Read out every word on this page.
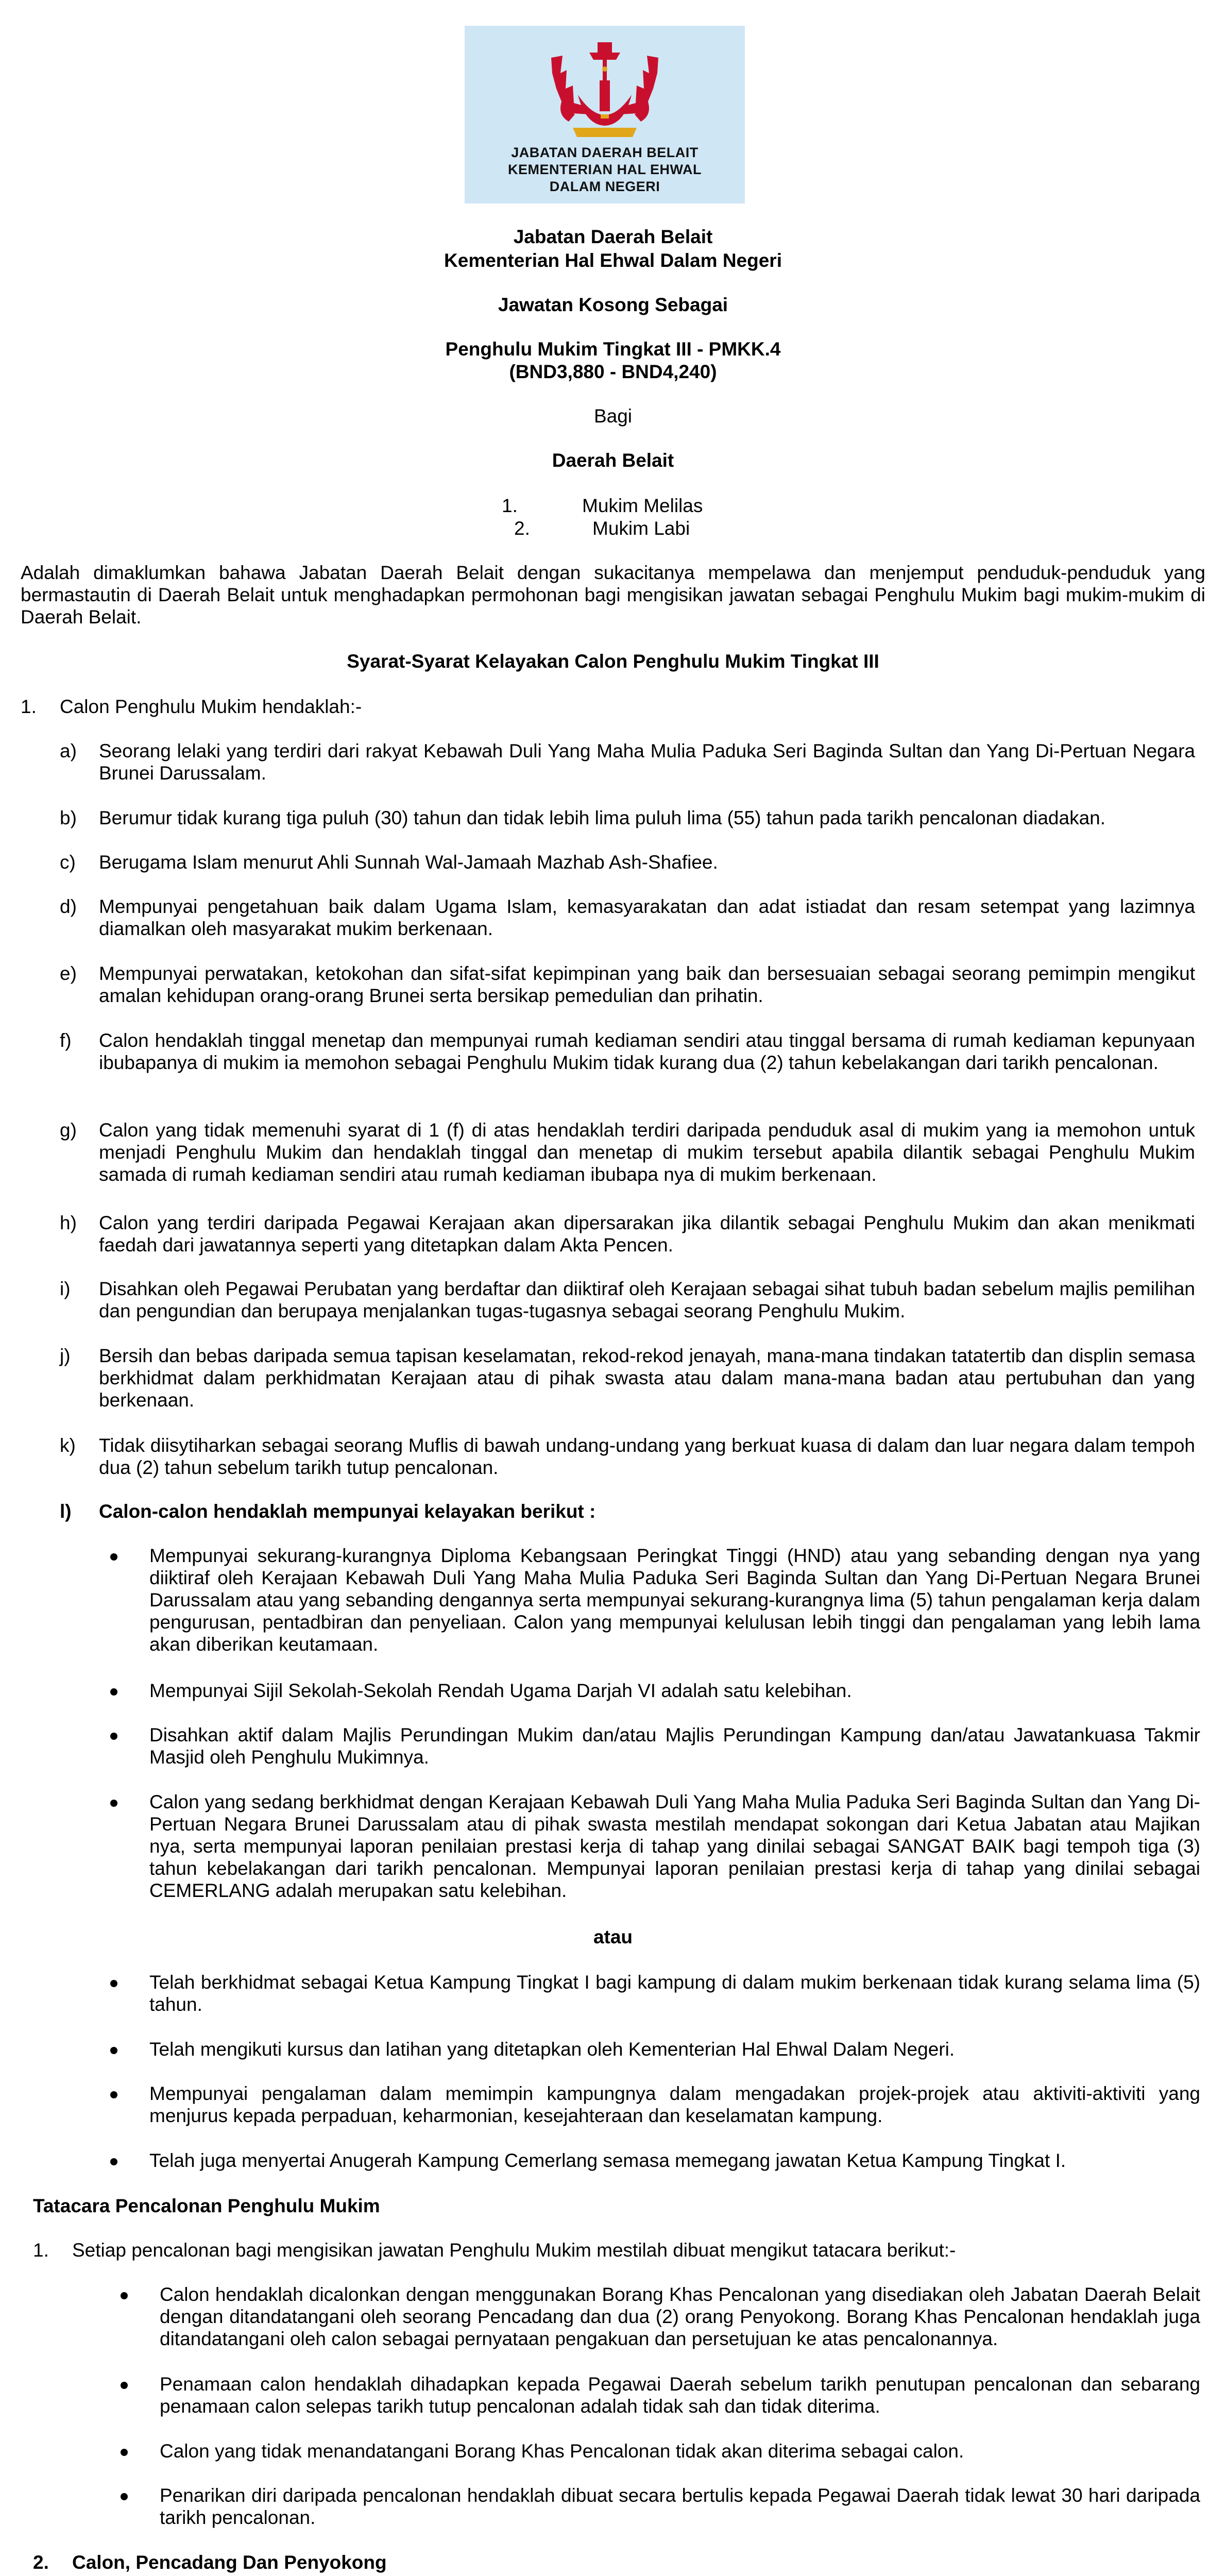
JABATAN DAERAH BELAIT
KEMENTERIAN HAL EHWAL
DALAM NEGERI
Jabatan Daerah Belait
Kementerian Hal Ehwal Dalam Negeri
Jawatan Kosong Sebagai
Penghulu Mukim Tingkat III - PMKK.4
(BND3,880 - BND4,240)
Bagi
Daerah Belait
1.	Mukim Melilas
2.	Mukim Labi
Adalah dimaklumkan bahawa Jabatan Daerah Belait dengan sukacitanya mempelawa dan menjemput penduduk-penduduk yang bermastautin di Daerah Belait untuk menghadapkan permohonan bagi mengisikan jawatan sebagai Penghulu Mukim bagi mukim-mukim di Daerah Belait.
Syarat-Syarat Kelayakan Calon Penghulu Mukim Tingkat III
1. Calon Penghulu Mukim hendaklah:-
a) Seorang lelaki yang terdiri dari rakyat Kebawah Duli Yang Maha Mulia Paduka Seri Baginda Sultan dan Yang Di-Pertuan Negara Brunei Darussalam.
b) Berumur tidak kurang tiga puluh (30) tahun dan tidak lebih lima puluh lima (55) tahun pada tarikh pencalonan diadakan.
c) Berugama Islam menurut Ahli Sunnah Wal-Jamaah Mazhab Ash-Shafiee.
d) Mempunyai pengetahuan baik dalam Ugama Islam, kemasyarakatan dan adat istiadat dan resam setempat yang lazimnya diamalkan oleh masyarakat mukim berkenaan.
e) Mempunyai perwatakan, ketokohan dan sifat-sifat kepimpinan yang baik dan bersesuaian sebagai seorang pemimpin mengikut amalan kehidupan orang-orang Brunei serta bersikap pemedulian dan prihatin.
f) Calon hendaklah tinggal menetap dan mempunyai rumah kediaman sendiri atau tinggal bersama di rumah kediaman kepunyaan ibubapanya di mukim ia memohon sebagai Penghulu Mukim tidak kurang dua (2) tahun kebelakangan dari tarikh pencalonan.
g) Calon yang tidak memenuhi syarat di 1 (f) di atas hendaklah terdiri daripada penduduk asal di mukim yang ia memohon untuk menjadi Penghulu Mukim dan hendaklah tinggal dan menetap di mukim tersebut apabila dilantik sebagai Penghulu Mukim samada di rumah kediaman sendiri atau rumah kediaman ibubapa nya di mukim berkenaan.
h) Calon yang terdiri daripada Pegawai Kerajaan akan dipersarakan jika dilantik sebagai Penghulu Mukim dan akan menikmati faedah dari jawatannya seperti yang ditetapkan dalam Akta Pencen.
i) Disahkan oleh Pegawai Perubatan yang berdaftar dan diiktiraf oleh Kerajaan sebagai sihat tubuh badan sebelum majlis pemilihan dan pengundian dan berupaya menjalankan tugas-tugasnya sebagai seorang Penghulu Mukim.
j) Bersih dan bebas daripada semua tapisan keselamatan, rekod-rekod jenayah, mana-mana tindakan tatatertib dan displin semasa berkhidmat dalam perkhidmatan Kerajaan atau di pihak swasta atau dalam mana-mana badan atau pertubuhan dan yang berkenaan.
k) Tidak diisytiharkan sebagai seorang Muflis di bawah undang-undang yang berkuat kuasa di dalam dan luar negara dalam tempoh dua (2) tahun sebelum tarikh tutup pencalonan.
l) Calon-calon hendaklah mempunyai kelayakan berikut :
Mempunyai sekurang-kurangnya Diploma Kebangsaan Peringkat Tinggi (HND) atau yang sebanding dengan nya yang diiktiraf oleh Kerajaan Kebawah Duli Yang Maha Mulia Paduka Seri Baginda Sultan dan Yang Di-Pertuan Negara Brunei Darussalam atau yang sebanding dengannya serta mempunyai sekurang-kurangnya lima (5) tahun pengalaman kerja dalam pengurusan, pentadbiran dan penyeliaan. Calon yang mempunyai kelulusan lebih tinggi dan pengalaman yang lebih lama akan diberikan keutamaan.
Mempunyai Sijil Sekolah-Sekolah Rendah Ugama Darjah VI adalah satu kelebihan.
Disahkan aktif dalam Majlis Perundingan Mukim dan/atau Majlis Perundingan Kampung dan/atau Jawatankuasa Takmir Masjid oleh Penghulu Mukimnya.
Calon yang sedang berkhidmat dengan Kerajaan Kebawah Duli Yang Maha Mulia Paduka Seri Baginda Sultan dan Yang Di-Pertuan Negara Brunei Darussalam atau di pihak swasta mestilah mendapat sokongan dari Ketua Jabatan atau Majikan nya, serta mempunyai laporan penilaian prestasi kerja di tahap yang dinilai sebagai SANGAT BAIK bagi tempoh tiga (3) tahun kebelakangan dari tarikh pencalonan. Mempunyai laporan penilaian prestasi kerja di tahap yang dinilai sebagai CEMERLANG adalah merupakan satu kelebihan.
atau
Telah berkhidmat sebagai Ketua Kampung Tingkat I bagi kampung di dalam mukim berkenaan tidak kurang selama lima (5) tahun.
Telah mengikuti kursus dan latihan yang ditetapkan oleh Kementerian Hal Ehwal Dalam Negeri.
Mempunyai pengalaman dalam memimpin kampungnya dalam mengadakan projek-projek atau aktiviti-aktiviti yang menjurus kepada perpaduan, keharmonian, kesejahteraan dan keselamatan kampung.
Telah juga menyertai Anugerah Kampung Cemerlang semasa memegang jawatan Ketua Kampung Tingkat I.
Tatacara Pencalonan Penghulu Mukim
1. Setiap pencalonan bagi mengisikan jawatan Penghulu Mukim mestilah dibuat mengikut tatacara berikut:-
Calon hendaklah dicalonkan dengan menggunakan Borang Khas Pencalonan yang disediakan oleh Jabatan Daerah Belait dengan ditandatangani oleh seorang Pencadang dan dua (2) orang Penyokong. Borang Khas Pencalonan hendaklah juga ditandatangani oleh calon sebagai pernyataan pengakuan dan persetujuan ke atas pencalonannya.
Penamaan calon hendaklah dihadapkan kepada Pegawai Daerah sebelum tarikh penutupan pencalonan dan sebarang penamaan calon selepas tarikh tutup pencalonan adalah tidak sah dan tidak diterima.
Calon yang tidak menandatangani Borang Khas Pencalonan tidak akan diterima sebagai calon.
Penarikan diri daripada pencalonan hendaklah dibuat secara bertulis kepada Pegawai Daerah tidak lewat 30 hari daripada tarikh pencalonan.
2. Calon, Pencadang Dan Penyokong
